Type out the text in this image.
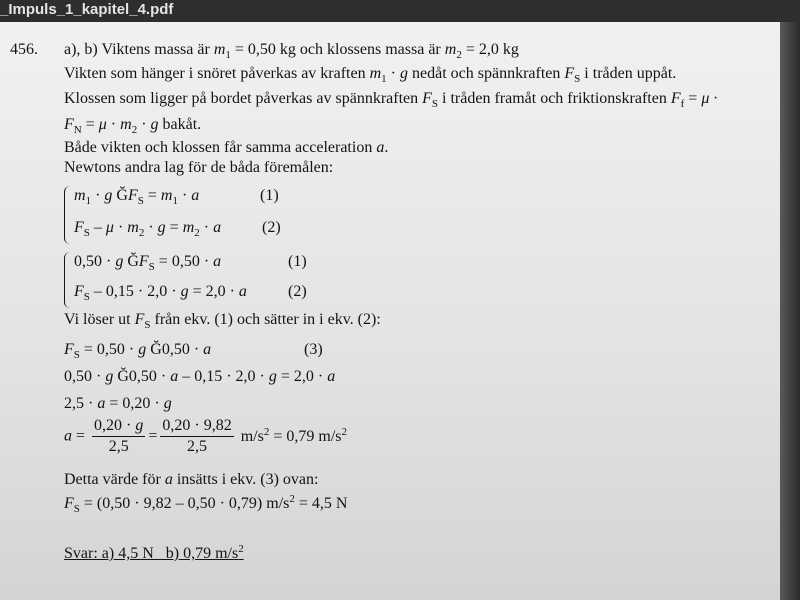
_Impuls_1_kapitel_4.pdf
456. a), b) Viktens massa är $m_1 = 0,50$ kg och klossens massa är $m_2 = 2,0$ kg
Vikten som hänger i snöret påverkas av kraften $m_1 \cdot g$ nedåt och spännkraften $F_S$ i tråden uppåt.
Klossen som ligger på bordet påverkas av spännkraften $F_S$ i tråden framåt och friktionskraften $F_f = \mu$ ·
$F_N = \mu \cdot m_2 \cdot g$ bakåt.
Både vikten och klossen får samma acceleration a.
Newtons andra lag för de båda föremålen:
$m_1 \cdot g$ $ĞF_S = m_1 \cdot a$	(1)
$F_S - \mu \cdot m_2 \cdot g = m_2 \cdot a$	(2)
0,50 · g $ĞF_S = 0,50 \cdot a$	(1)
$F_S - 0,15 \cdot 2,0 \cdot g = 2,0 \cdot a$	(2)
Vi löser ut $F_S$ från ekv. (1) och sätter in i ekv. (2):
$F_S = 0,50 \cdot g$ Ğ0,50 · a	(3)
0,50 · g Ğ0,50 · a – 0,15 · 2,0 · g = 2,0 · a
2,5 · a = 0,20 · g
$a = \frac{0,20 \cdot g}{2,5} = \frac{0,20 \cdot 9,82}{2,5} m/s^2 = 0,79$ $m/s^2$
Detta värde för a insätts i ekv. (3) ovan:
$F_S = (0,50 \cdot 9,82 - 0,50 \cdot 0,79) m/s^2 = 4,5$ N
Svar: a) 4,5 N   b) 0,79 $m/s^2$
